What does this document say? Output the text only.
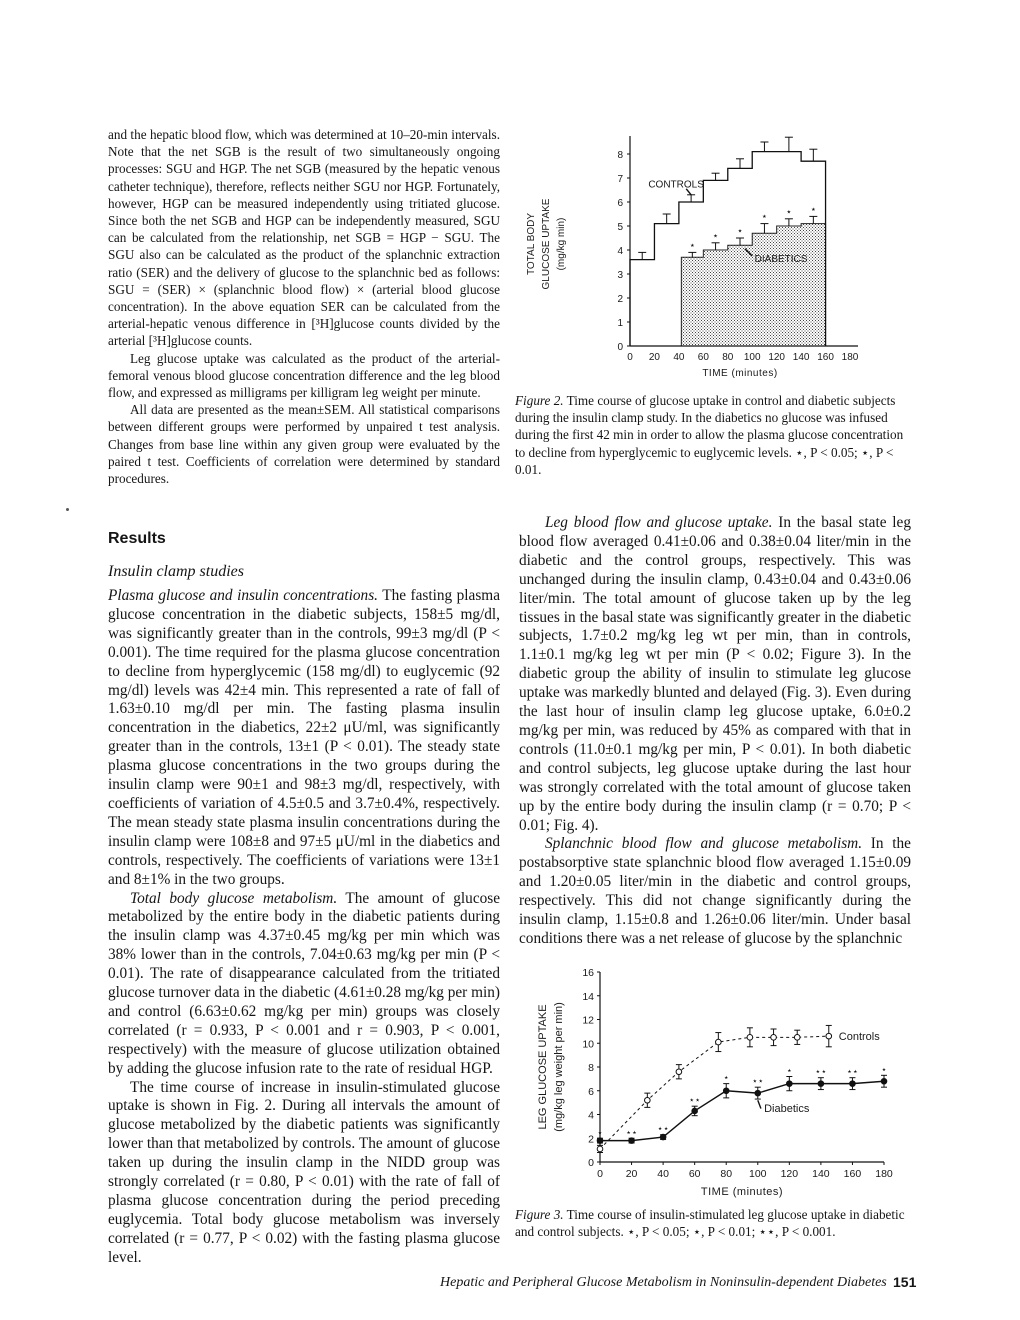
and the hepatic blood flow, which was determined at 10–20-min intervals. Note that the net SGB is the result of two simultaneously ongoing processes: SGU and HGP. The net SGB (measured by the hepatic venous catheter technique), therefore, reflects neither SGU nor HGP. Fortunately, however, HGP can be measured independently using tritiated glucose. Since both the net SGB and HGP can be independently measured, SGU can be calculated from the relationship, net SGB = HGP − SGU. The SGU also can be calculated as the product of the splanchnic extraction ratio (SER) and the delivery of glucose to the splanchnic bed as follows: SGU = (SER) × (splanchnic blood flow) × (arterial blood glucose concentration). In the above equation SER can be calculated from the arterial-hepatic venous difference in [³H]glucose counts divided by the arterial [³H]glucose counts.

Leg glucose uptake was calculated as the product of the arterial-femoral venous blood glucose concentration difference and the leg blood flow, and expressed as milligrams per killigram leg weight per minute.

All data are presented as the mean±SEM. All statistical comparisons between different groups were performed by unpaired t test analysis. Changes from base line within any given group were evaluated by the paired t test. Coefficients of correlation were determined by standard procedures.

Results
Insulin clamp studies

Plasma glucose and insulin concentrations. The fasting plasma glucose concentration in the diabetic subjects, 158±5 mg/dl, was significantly greater than in the controls, 99±3 mg/dl (P < 0.001). The time required for the plasma glucose concentration to decline from hyperglycemic (158 mg/dl) to euglycemic (92 mg/dl) levels was 42±4 min. This represented a rate of fall of 1.63±0.10 mg/dl per min. The fasting plasma insulin concentration in the diabetics, 22±2 μU/ml, was significantly greater than in the controls, 13±1 (P < 0.01). The steady state plasma glucose concentrations in the two groups during the insulin clamp were 90±1 and 98±3 mg/dl, respectively, with coefficients of variation of 4.5±0.5 and 3.7±0.4%, respectively. The mean steady state plasma insulin concentrations during the insulin clamp were 108±8 and 97±5 μU/ml in the diabetics and controls, respectively. The coefficients of variations were 13±1 and 8±1% in the two groups.

Total body glucose metabolism. The amount of glucose metabolized by the entire body in the diabetic patients during the insulin clamp was 4.37±0.45 mg/kg per min which was 38% lower than in the controls, 7.04±0.63 mg/kg per min (P < 0.01). The rate of disappearance calculated from the tritiated glucose turnover data in the diabetic (4.61±0.28 mg/kg per min) and control (6.63±0.62 mg/kg per min) groups was closely correlated (r = 0.933, P < 0.001 and r = 0.903, P < 0.001, respectively) with the measure of glucose utilization obtained by adding the glucose infusion rate to the rate of residual HGP.

The time course of increase in insulin-stimulated glucose uptake is shown in Fig. 2. During all intervals the amount of glucose metabolized by the diabetic patients was significantly lower than that metabolized by controls. The amount of glucose taken up during the insulin clamp in the NIDD group was strongly correlated (r = 0.80, P < 0.01) with the rate of fall of plasma glucose concentration during the period preceding euglycemia. Total body glucose metabolism was inversely correlated (r = 0.77, P < 0.02) with the fasting plasma glucose level.

⋆
⋆ ⋆
⋆ ⋆ ⋆
0
1
2
3
4
5
6
7
8
0 20 40 60 80 100 120 140 160 180
TIME (minutes)
TOTAL BODY GLUCOSE UPTAKE (mg/kg min)
CONTROLS
DIABETICS
Figure 2. Time course of glucose uptake in control and diabetic subjects during the insulin clamp study. In the diabetics no glucose was infused during the first 42 min in order to allow the plasma glucose concentration to decline from hyperglycemic to euglycemic levels. ⋆, P < 0.05; ⋆, P < 0.01.

Leg blood flow and glucose uptake. In the basal state leg blood flow averaged 0.41±0.06 and 0.38±0.04 liter/min in the diabetic and the control groups, respectively. This was unchanged during the insulin clamp, 0.43±0.04 and 0.43±0.06 liter/min. The total amount of glucose taken up by the leg tissues in the basal state was significantly greater in the diabetic subjects, 1.7±0.2 mg/kg leg wt per min, than in controls, 1.1±0.1 mg/kg leg wt per min (P < 0.02; Figure 3). In the diabetic group the ability of insulin to stimulate leg glucose uptake was markedly blunted and delayed (Fig. 3). Even during the last hour of insulin clamp leg glucose uptake, 6.0±0.2 mg/kg per min, was reduced by 45% as compared with that in controls (11.0±0.1 mg/kg per min, P < 0.01). In both diabetic and control subjects, leg glucose uptake during the last hour was strongly correlated with the total amount of glucose taken up by the entire body during the insulin clamp (r = 0.70; P < 0.01; Fig. 4).

Splanchnic blood flow and glucose metabolism. In the postabsorptive state splanchnic blood flow averaged 1.15±0.09 and 1.20±0.05 liter/min in the diabetic and control groups, respectively. This did not change significantly during the insulin clamp, 1.15±0.8 and 1.26±0.06 liter/min. Under basal conditions there was a net release of glucose by the splanchnic

0
2
4
6
8
10
12
14
16
0 20 40 60 80 100 120 140 160 180
TIME (minutes)
LEG GLUCOSE UPTAKE (mg/kg leg weight per min)
⋆ ⋆⋆ ⋆⋆
⋆⋆
⋆ ⋆⋆
⋆ ⋆⋆ ⋆⋆ ⋆
Controls
Diabetics
Figure 3. Time course of insulin-stimulated leg glucose uptake in diabetic and control subjects. ⋆, P < 0.05; ⋆, P < 0.01; ⋆⋆, P < 0.001.
Hepatic and Peripheral Glucose Metabolism in Noninsulin-dependent Diabetes 151
